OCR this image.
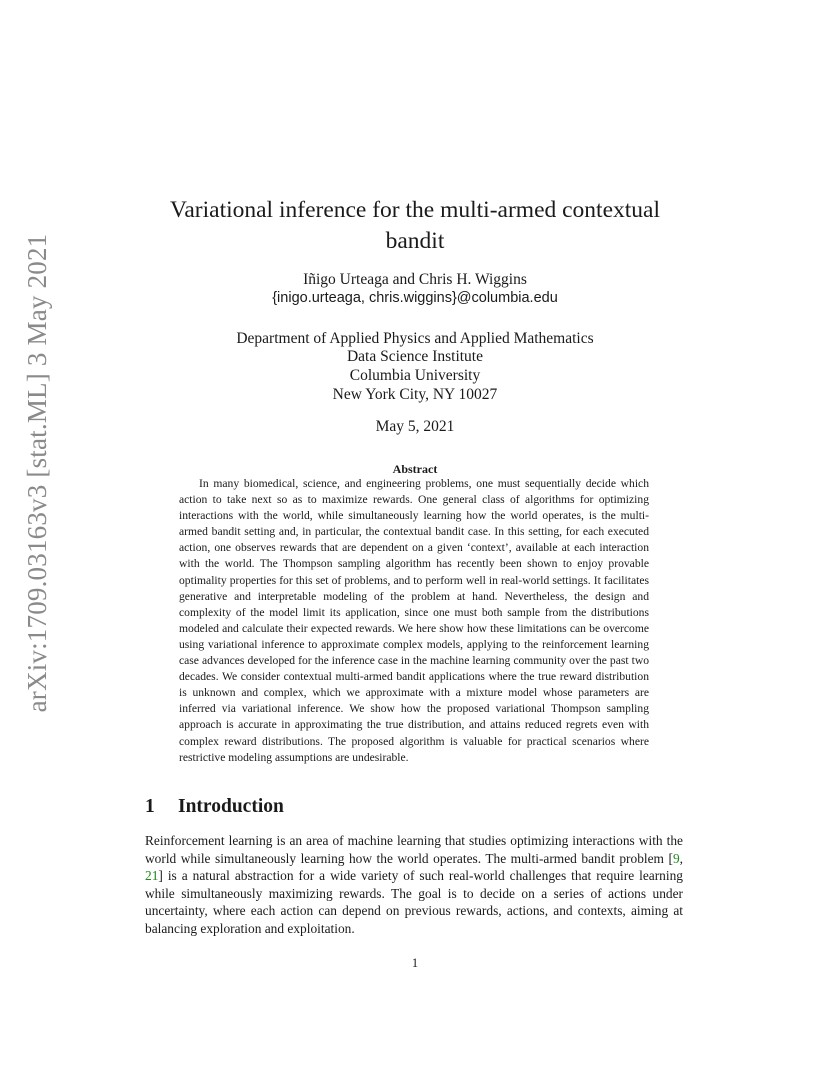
arXiv:1709.03163v3 [stat.ML] 3 May 2021
Variational inference for the multi-armed contextual
bandit
Iñigo Urteaga and Chris H. Wiggins
{inigo.urteaga, chris.wiggins}@columbia.edu
Department of Applied Physics and Applied Mathematics
Data Science Institute
Columbia University
New York City, NY 10027
May 5, 2021
Abstract

In many biomedical, science, and engineering problems, one must sequentially decide which action to take next so as to maximize rewards. One general class of algorithms for optimizing interactions with the world, while simultaneously learning how the world operates, is the multi-armed bandit setting and, in particular, the contextual bandit case. In this setting, for each executed action, one observes rewards that are dependent on a given ‘context’, available at each interaction with the world. The Thompson sampling algorithm has recently been shown to enjoy provable optimality properties for this set of problems, and to perform well in real-world settings. It facilitates generative and interpretable modeling of the problem at hand. Nevertheless, the design and complexity of the model limit its application, since one must both sample from the distributions modeled and calculate their expected rewards. We here show how these limitations can be overcome using variational inference to approximate complex models, applying to the reinforcement learning case advances developed for the inference case in the machine learning community over the past two decades. We consider contextual multi-armed bandit applications where the true reward distribution is unknown and complex, which we approximate with a mixture model whose parameters are inferred via variational inference. We show how the proposed variational Thompson sampling approach is accurate in approximating the true distribution, and attains reduced regrets even with complex reward distributions. The proposed algorithm is valuable for practical scenarios where restrictive modeling assumptions are undesirable.

1 Introduction

Reinforcement learning is an area of machine learning that studies optimizing interactions with the world while simultaneously learning how the world operates. The multi-armed bandit problem [9, 21] is a natural abstraction for a wide variety of such real-world challenges that require learning while simultaneously maximizing rewards. The goal is to decide on a series of actions under uncertainty, where each action can depend on previous rewards, actions, and contexts, aiming at balancing exploration and exploitation.

1
